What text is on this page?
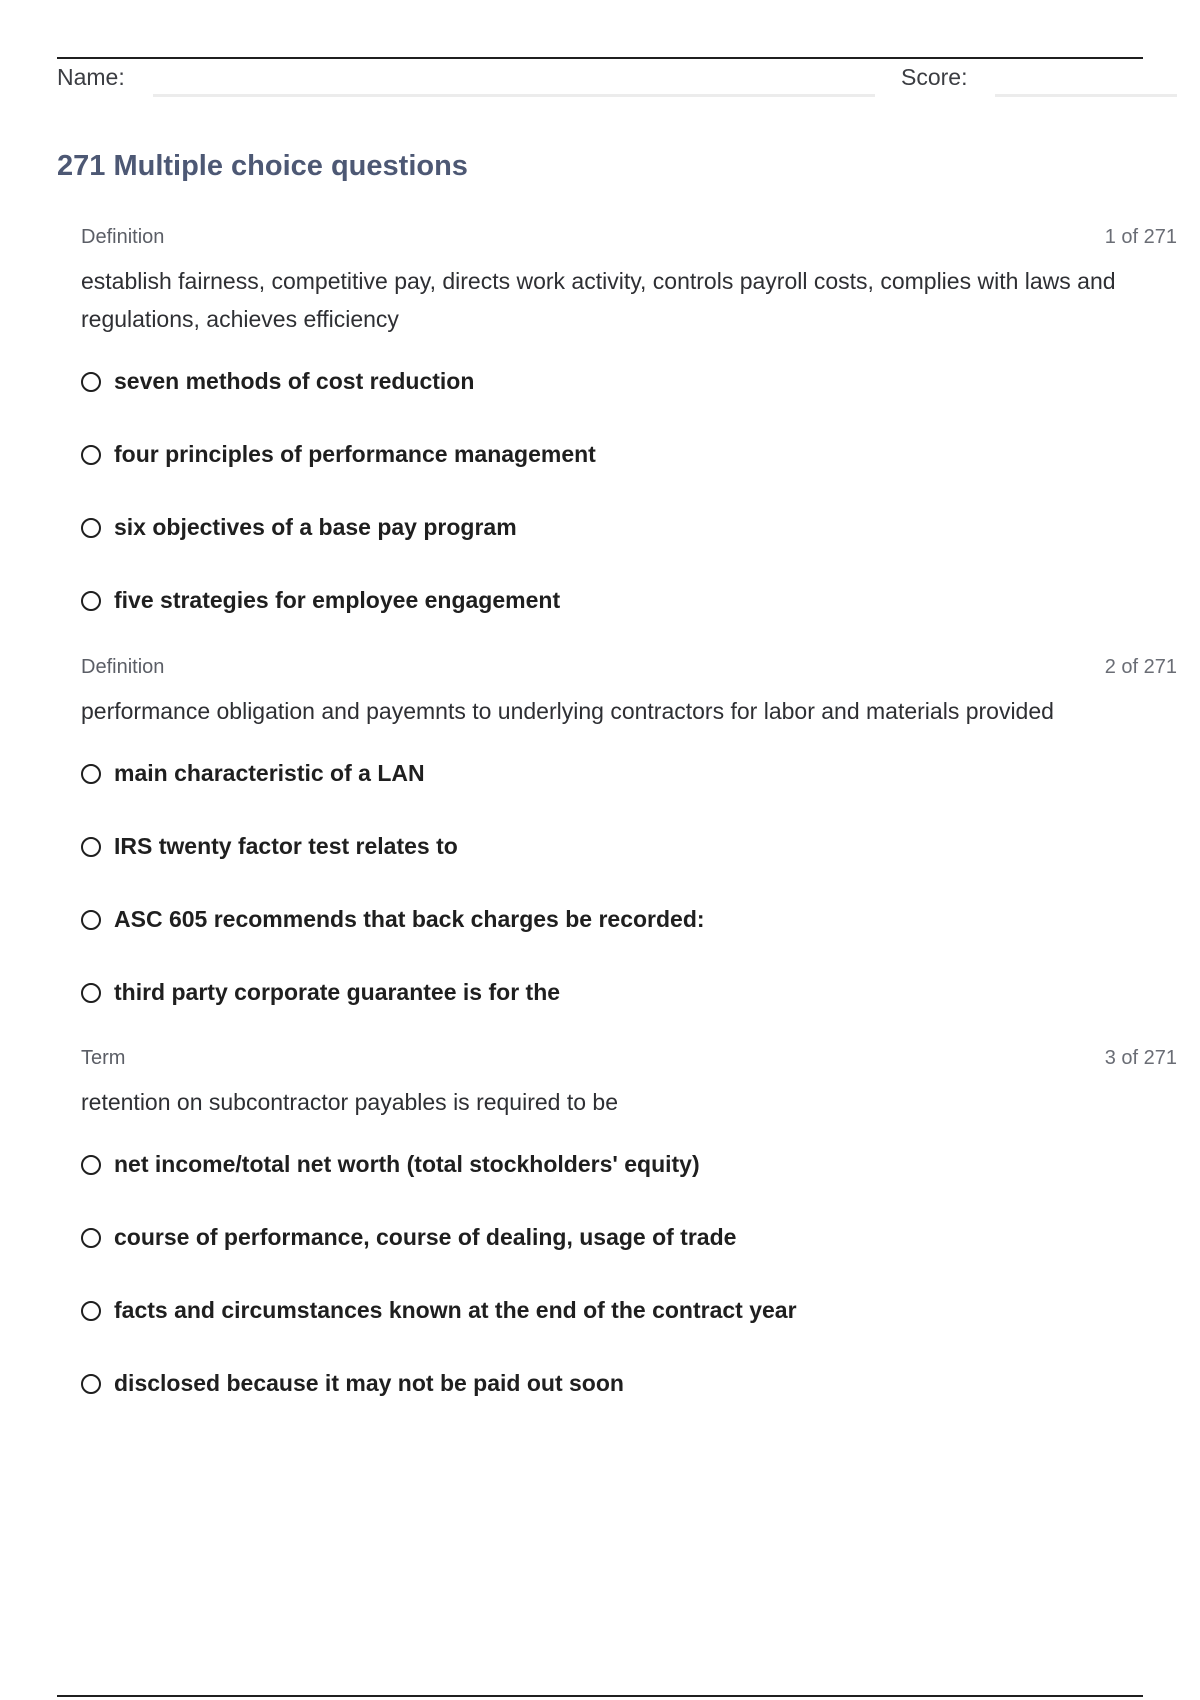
Name:	Score:
271 Multiple choice questions
Definition	1 of 271
establish fairness, competitive pay, directs work activity, controls payroll costs, complies with laws and regulations, achieves efficiency
seven methods of cost reduction
four principles of performance management
six objectives of a base pay program
five strategies for employee engagement
Definition	2 of 271
performance obligation and payemnts to underlying contractors for labor and materials provided
main characteristic of a LAN
IRS twenty factor test relates to
ASC 605 recommends that back charges be recorded:
third party corporate guarantee is for the
Term	3 of 271
retention on subcontractor payables is required to be
net income/total net worth (total stockholders' equity)
course of performance, course of dealing, usage of trade
facts and circumstances known at the end of the contract year
disclosed because it may not be paid out soon
